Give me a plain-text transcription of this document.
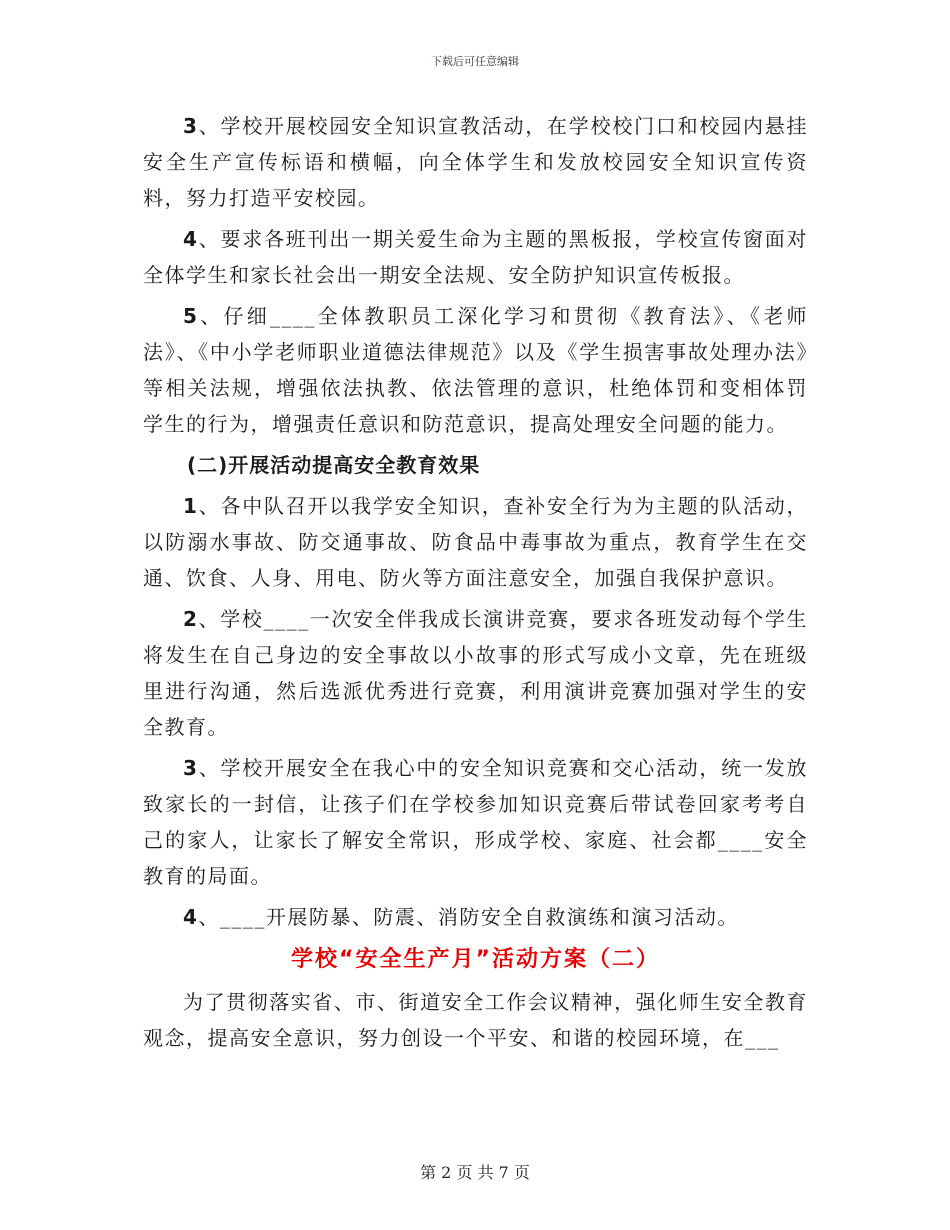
下载后可任意编辑

3、学校开展校园安全知识宣教活动，在学校校门口和校园内悬挂安全生产宣传标语和横幅，向全体学生和发放校园安全知识宣传资料，努力打造平安校园。

4、要求各班刊出一期关爱生命为主题的黑板报，学校宣传窗面对全体学生和家长社会出一期安全法规、安全防护知识宣传板报。

5、仔细____全体教职员工深化学习和贯彻《教育法》、《老师法》、《中小学老师职业道德法律规范》以及《学生损害事故处理办法》等相关法规，增强依法执教、依法管理的意识，杜绝体罚和变相体罚学生的行为，增强责任意识和防范意识，提高处理安全问题的能力。

(二)开展活动提高安全教育效果

1、各中队召开以我学安全知识，查补安全行为为主题的队活动，以防溺水事故、防交通事故、防食品中毒事故为重点，教育学生在交通、饮食、人身、用电、防火等方面注意安全，加强自我保护意识。

2、学校____一次安全伴我成长演讲竞赛，要求各班发动每个学生将发生在自己身边的安全事故以小故事的形式写成小文章，先在班级里进行沟通，然后选派优秀进行竞赛，利用演讲竞赛加强对学生的安全教育。

3、学校开展安全在我心中的安全知识竞赛和交心活动，统一发放致家长的一封信，让孩子们在学校参加知识竞赛后带试卷回家考考自己的家人，让家长了解安全常识，形成学校、家庭、社会都____安全教育的局面。

4、____开展防暴、防震、消防安全自救演练和演习活动。

学校“安全生产月”活动方案（二）

为了贯彻落实省、市、街道安全工作会议精神，强化师生安全教育观念，提高安全意识，努力创设一个平安、和谐的校园环境，在___

第 2 页 共 7 页
